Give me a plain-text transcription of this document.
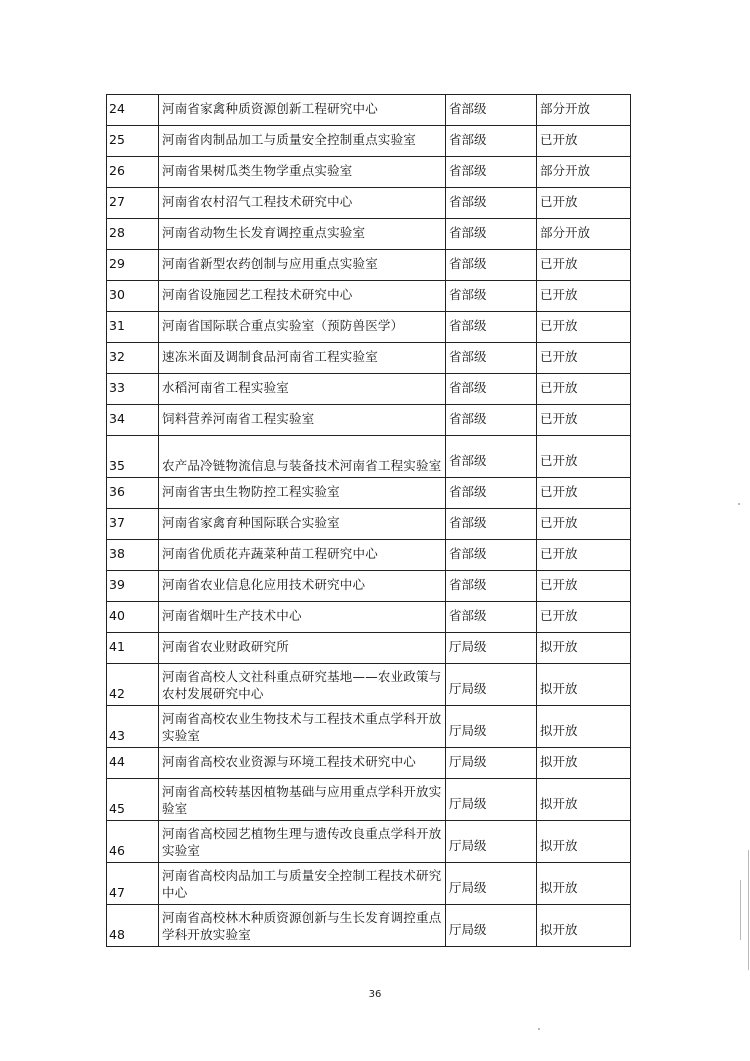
24	河南省家禽种质资源创新工程研究中心	省部级	部分开放
25	河南省肉制品加工与质量安全控制重点实验室	省部级	已开放
26	河南省果树瓜类生物学重点实验室	省部级	部分开放
27	河南省农村沼气工程技术研究中心	省部级	已开放
28	河南省动物生长发育调控重点实验室	省部级	部分开放
29	河南省新型农药创制与应用重点实验室	省部级	已开放
30	河南省设施园艺工程技术研究中心	省部级	已开放
31	河南省国际联合重点实验室（预防兽医学）	省部级	已开放
32	速冻米面及调制食品河南省工程实验室	省部级	已开放
33	水稻河南省工程实验室	省部级	已开放
34	饲料营养河南省工程实验室	省部级	已开放
35	农产品冷链物流信息与装备技术河南省工程实验室	省部级	已开放
36	河南省害虫生物防控工程实验室	省部级	已开放
37	河南省家禽育种国际联合实验室	省部级	已开放
38	河南省优质花卉蔬菜种苗工程研究中心	省部级	已开放
39	河南省农业信息化应用技术研究中心	省部级	已开放
40	河南省烟叶生产技术中心	省部级	已开放
41	河南省农业财政研究所	厅局级	拟开放
42	河南省高校人文社科重点研究基地——农业政策与农村发展研究中心	厅局级	拟开放
43	河南省高校农业生物技术与工程技术重点学科开放实验室	厅局级	拟开放
44	河南省高校农业资源与环境工程技术研究中心	厅局级	拟开放
45	河南省高校转基因植物基础与应用重点学科开放实验室	厅局级	拟开放
46	河南省高校园艺植物生理与遗传改良重点学科开放实验室	厅局级	拟开放
47	河南省高校肉品加工与质量安全控制工程技术研究中心	厅局级	拟开放
48	河南省高校林木种质资源创新与生长发育调控重点学科开放实验室	厅局级	拟开放
36
